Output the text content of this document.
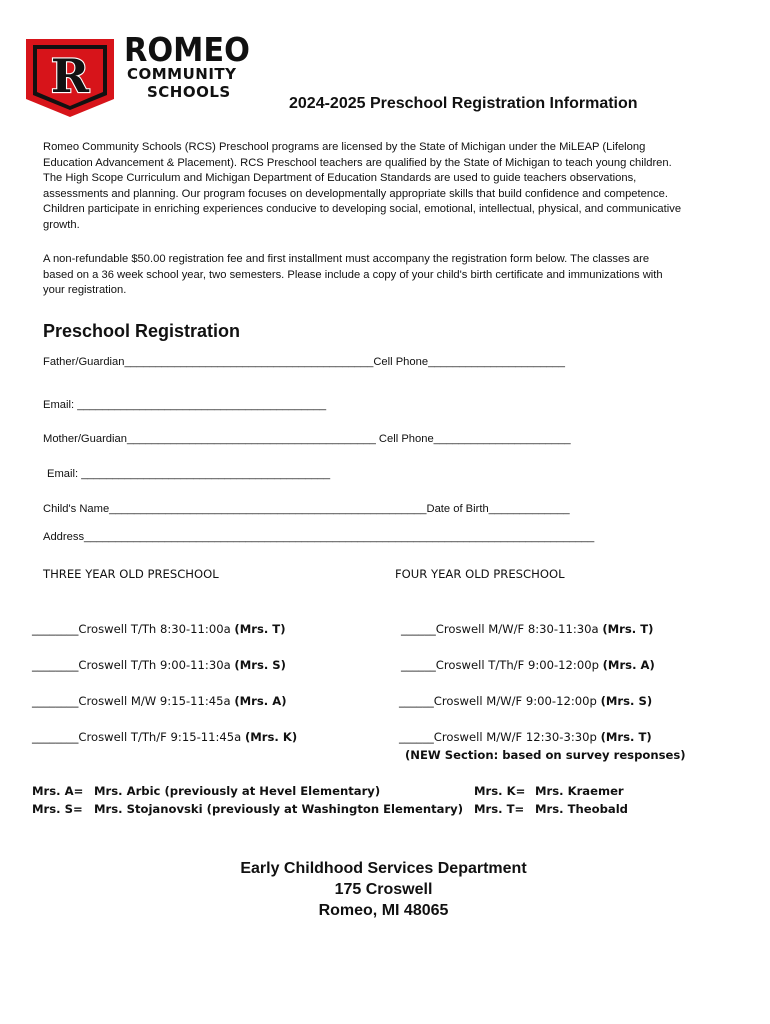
R ROMEO
COMMUNITY
SCHOOLS
2024-2025 Preschool Registration Information

Romeo Community Schools (RCS) Preschool programs are licensed by the State of Michigan under the MiLEAP (Lifelong

Education Advancement & Placement). RCS Preschool teachers are qualified by the State of Michigan to teach young children.

The High Scope Curriculum and Michigan Department of Education Standards are used to guide teachers observations,

assessments and planning. Our program focuses on developmentally appropriate skills that build confidence and competence.

Children participate in enriching experiences conducive to developing social, emotional, intellectual, physical, and communicative

growth.

A non-refundable $50.00 registration fee and first installment must accompany the registration form below. The classes are

based on a 36 week school year, two semesters. Please include a copy of your child's birth certificate and immunizations with

your registration.

Preschool Registration
Father/Guardian________________________________________Cell Phone______________________
Email: ________________________________________
Mother/Guardian________________________________________ Cell Phone______________________
Email: ________________________________________
Child's Name___________________________________________________Date of Birth_____________
Address__________________________________________________________________________________
THREE YEAR OLD PRESCHOOL	FOUR YEAR OLD PRESCHOOL
________Croswell T/Th 8:30-11:00a (Mrs. T)
________Croswell T/Th 9:00-11:30a (Mrs. S)
________Croswell M/W 9:15-11:45a (Mrs. A)
________Croswell T/Th/F 9:15-11:45a (Mrs. K)
______Croswell M/W/F 8:30-11:30a (Mrs. T)
______Croswell T/Th/F 9:00-12:00p (Mrs. A)
______Croswell M/W/F 9:00-12:00p (Mrs. S)
______Croswell M/W/F 12:30-3:30p (Mrs. T)
(NEW Section: based on survey responses)
Mrs. A= Mrs. Arbic (previously at Hevel Elementary)
Mrs. S= Mrs. Stojanovski (previously at Washington Elementary)
Mrs. K= Mrs. Kraemer
Mrs. T= Mrs. Theobald
Early Childhood Services Department
175 Croswell
Romeo, MI 48065
